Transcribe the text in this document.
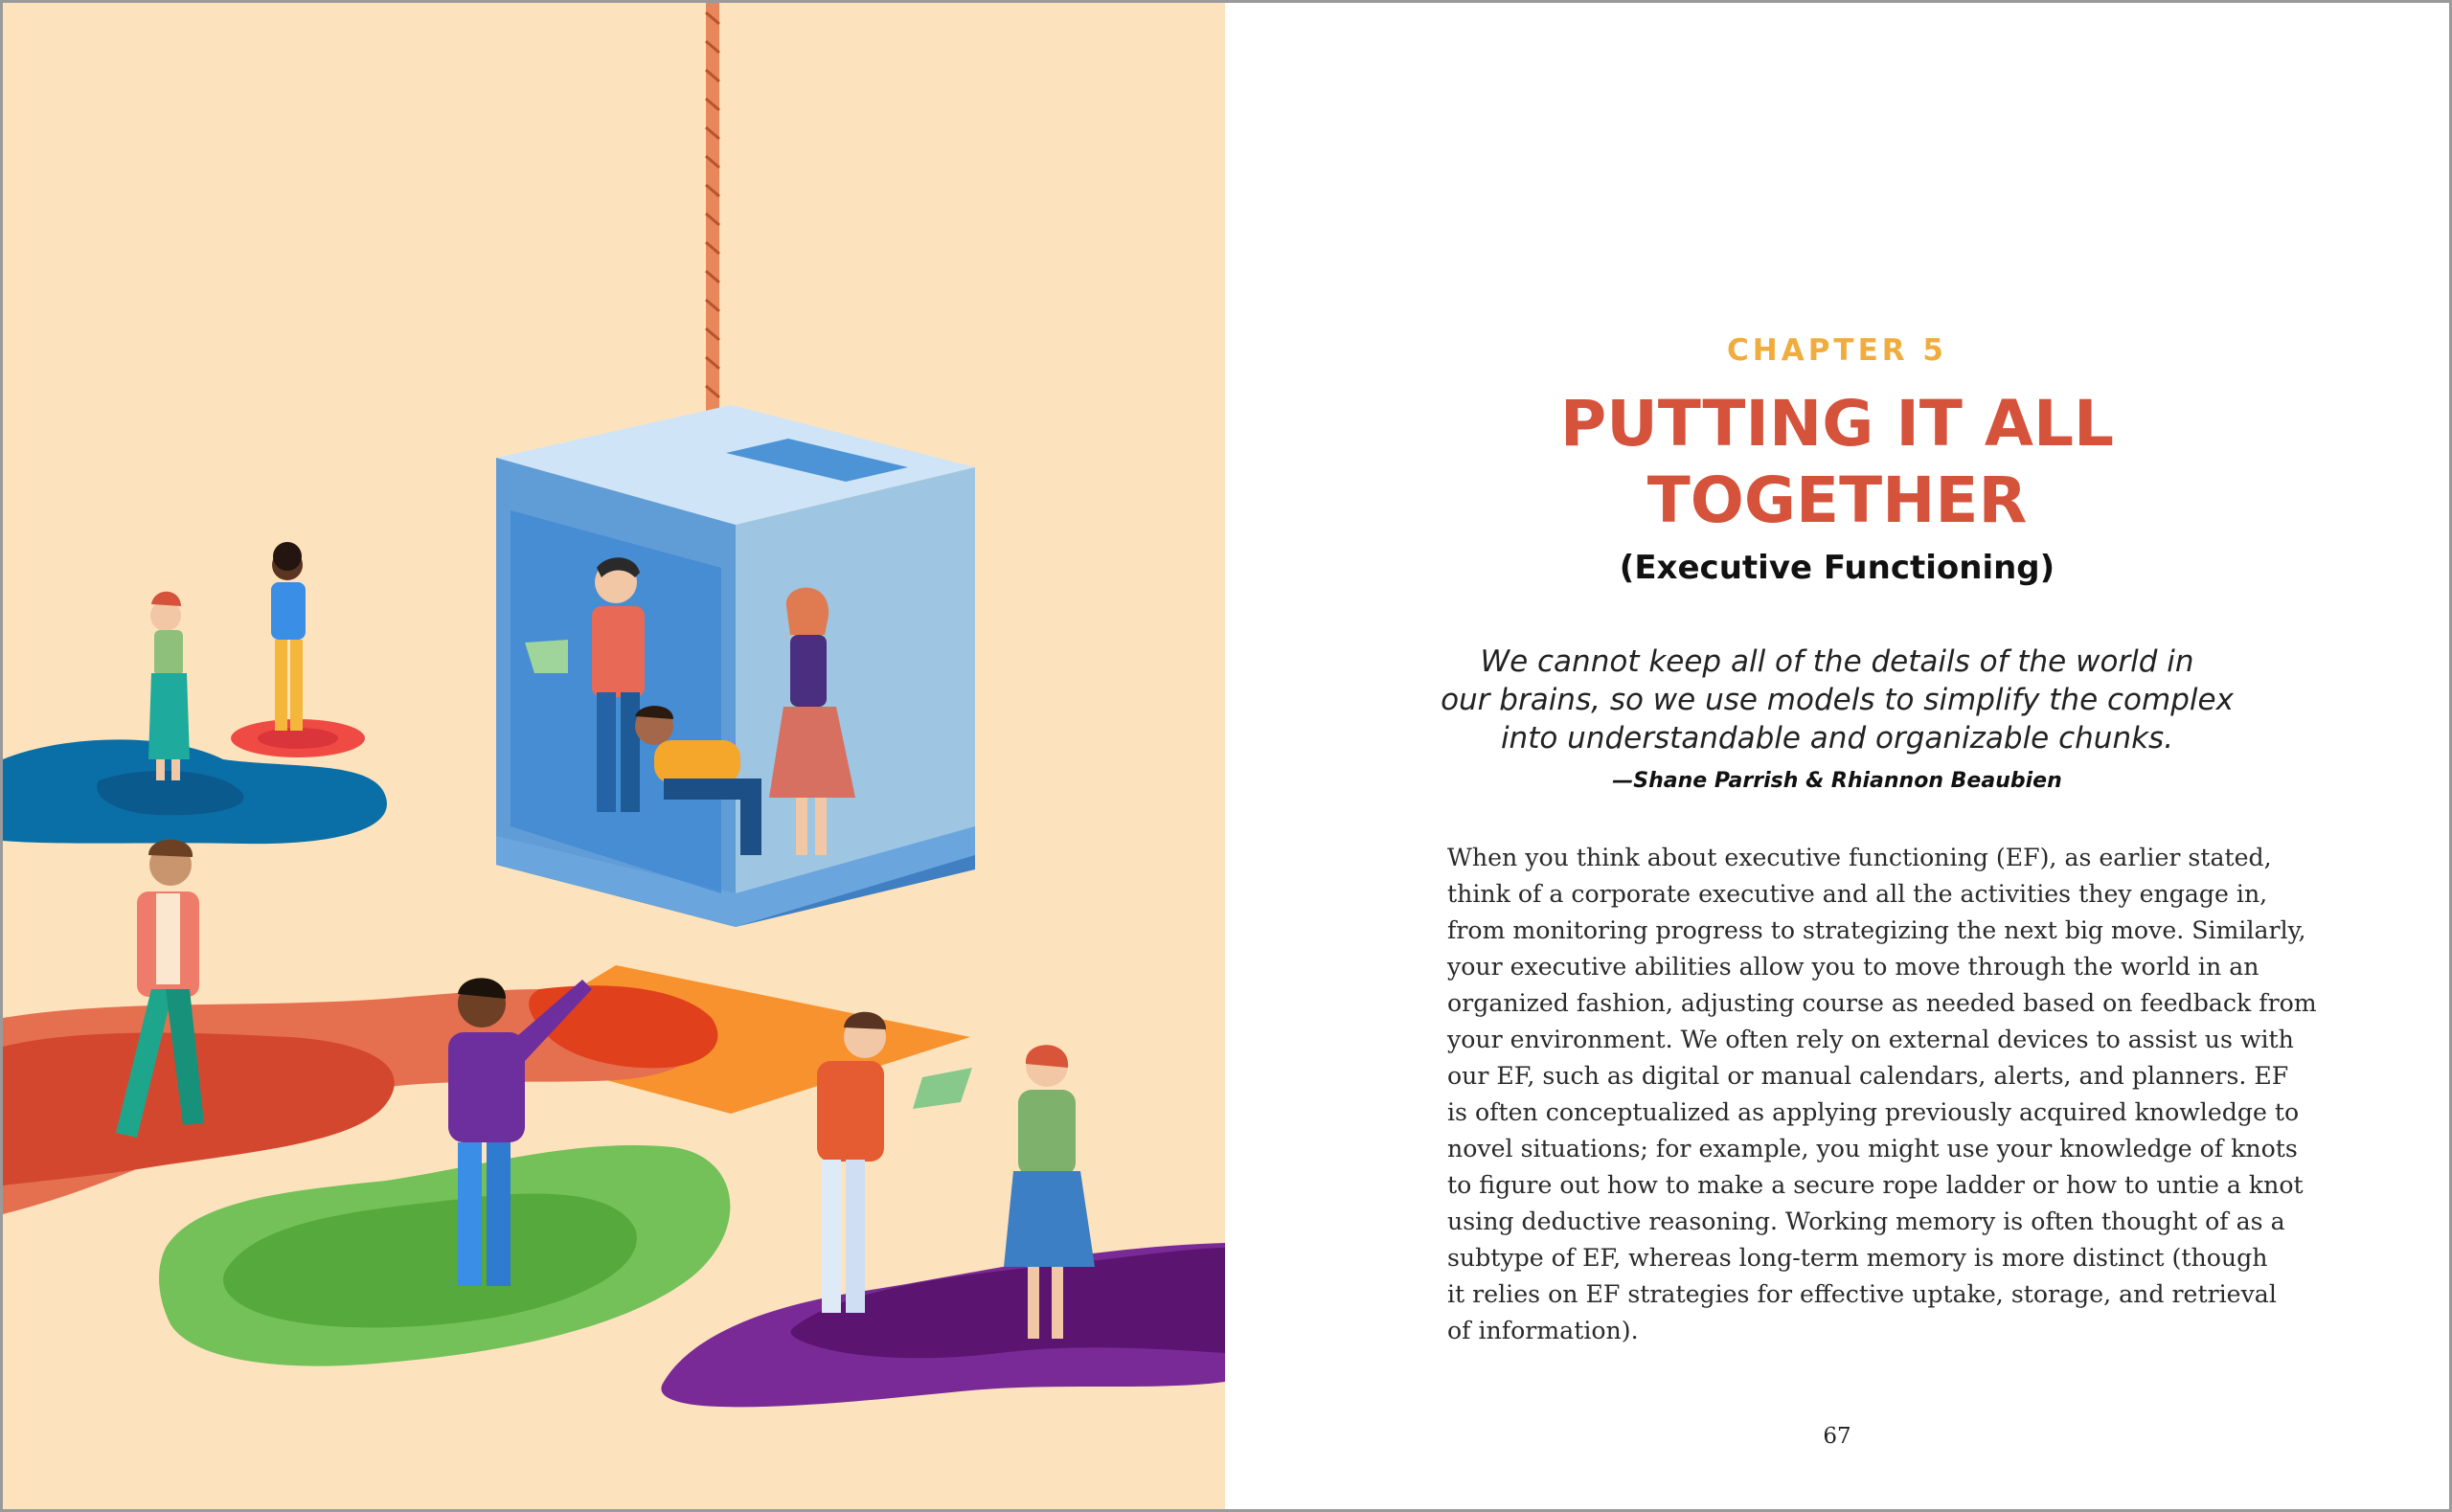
CHAPTER 5
PUTTING IT ALL
TOGETHER
(Executive Functioning)

We cannot keep all of the details of the world in
our brains, so we use models to simplify the complex
into understandable and organizable chunks.

—Shane Parrish & Rhiannon Beaubien
When you think about executive functioning (EF), as earlier stated,
think of a corporate executive and all the activities they engage in,
from monitoring progress to strategizing the next big move. Similarly,
your executive abilities allow you to move through the world in an
organized fashion, adjusting course as needed based on feedback from
your environment. We often rely on external devices to assist us with
our EF, such as digital or manual calendars, alerts, and planners. EF
is often conceptualized as applying previously acquired knowledge to
novel situations; for example, you might use your knowledge of knots
to figure out how to make a secure rope ladder or how to untie a knot
using deductive reasoning. Working memory is often thought of as a
subtype of EF, whereas long-term memory is more distinct (though
it relies on EF strategies for effective uptake, storage, and retrieval
of information).
67
